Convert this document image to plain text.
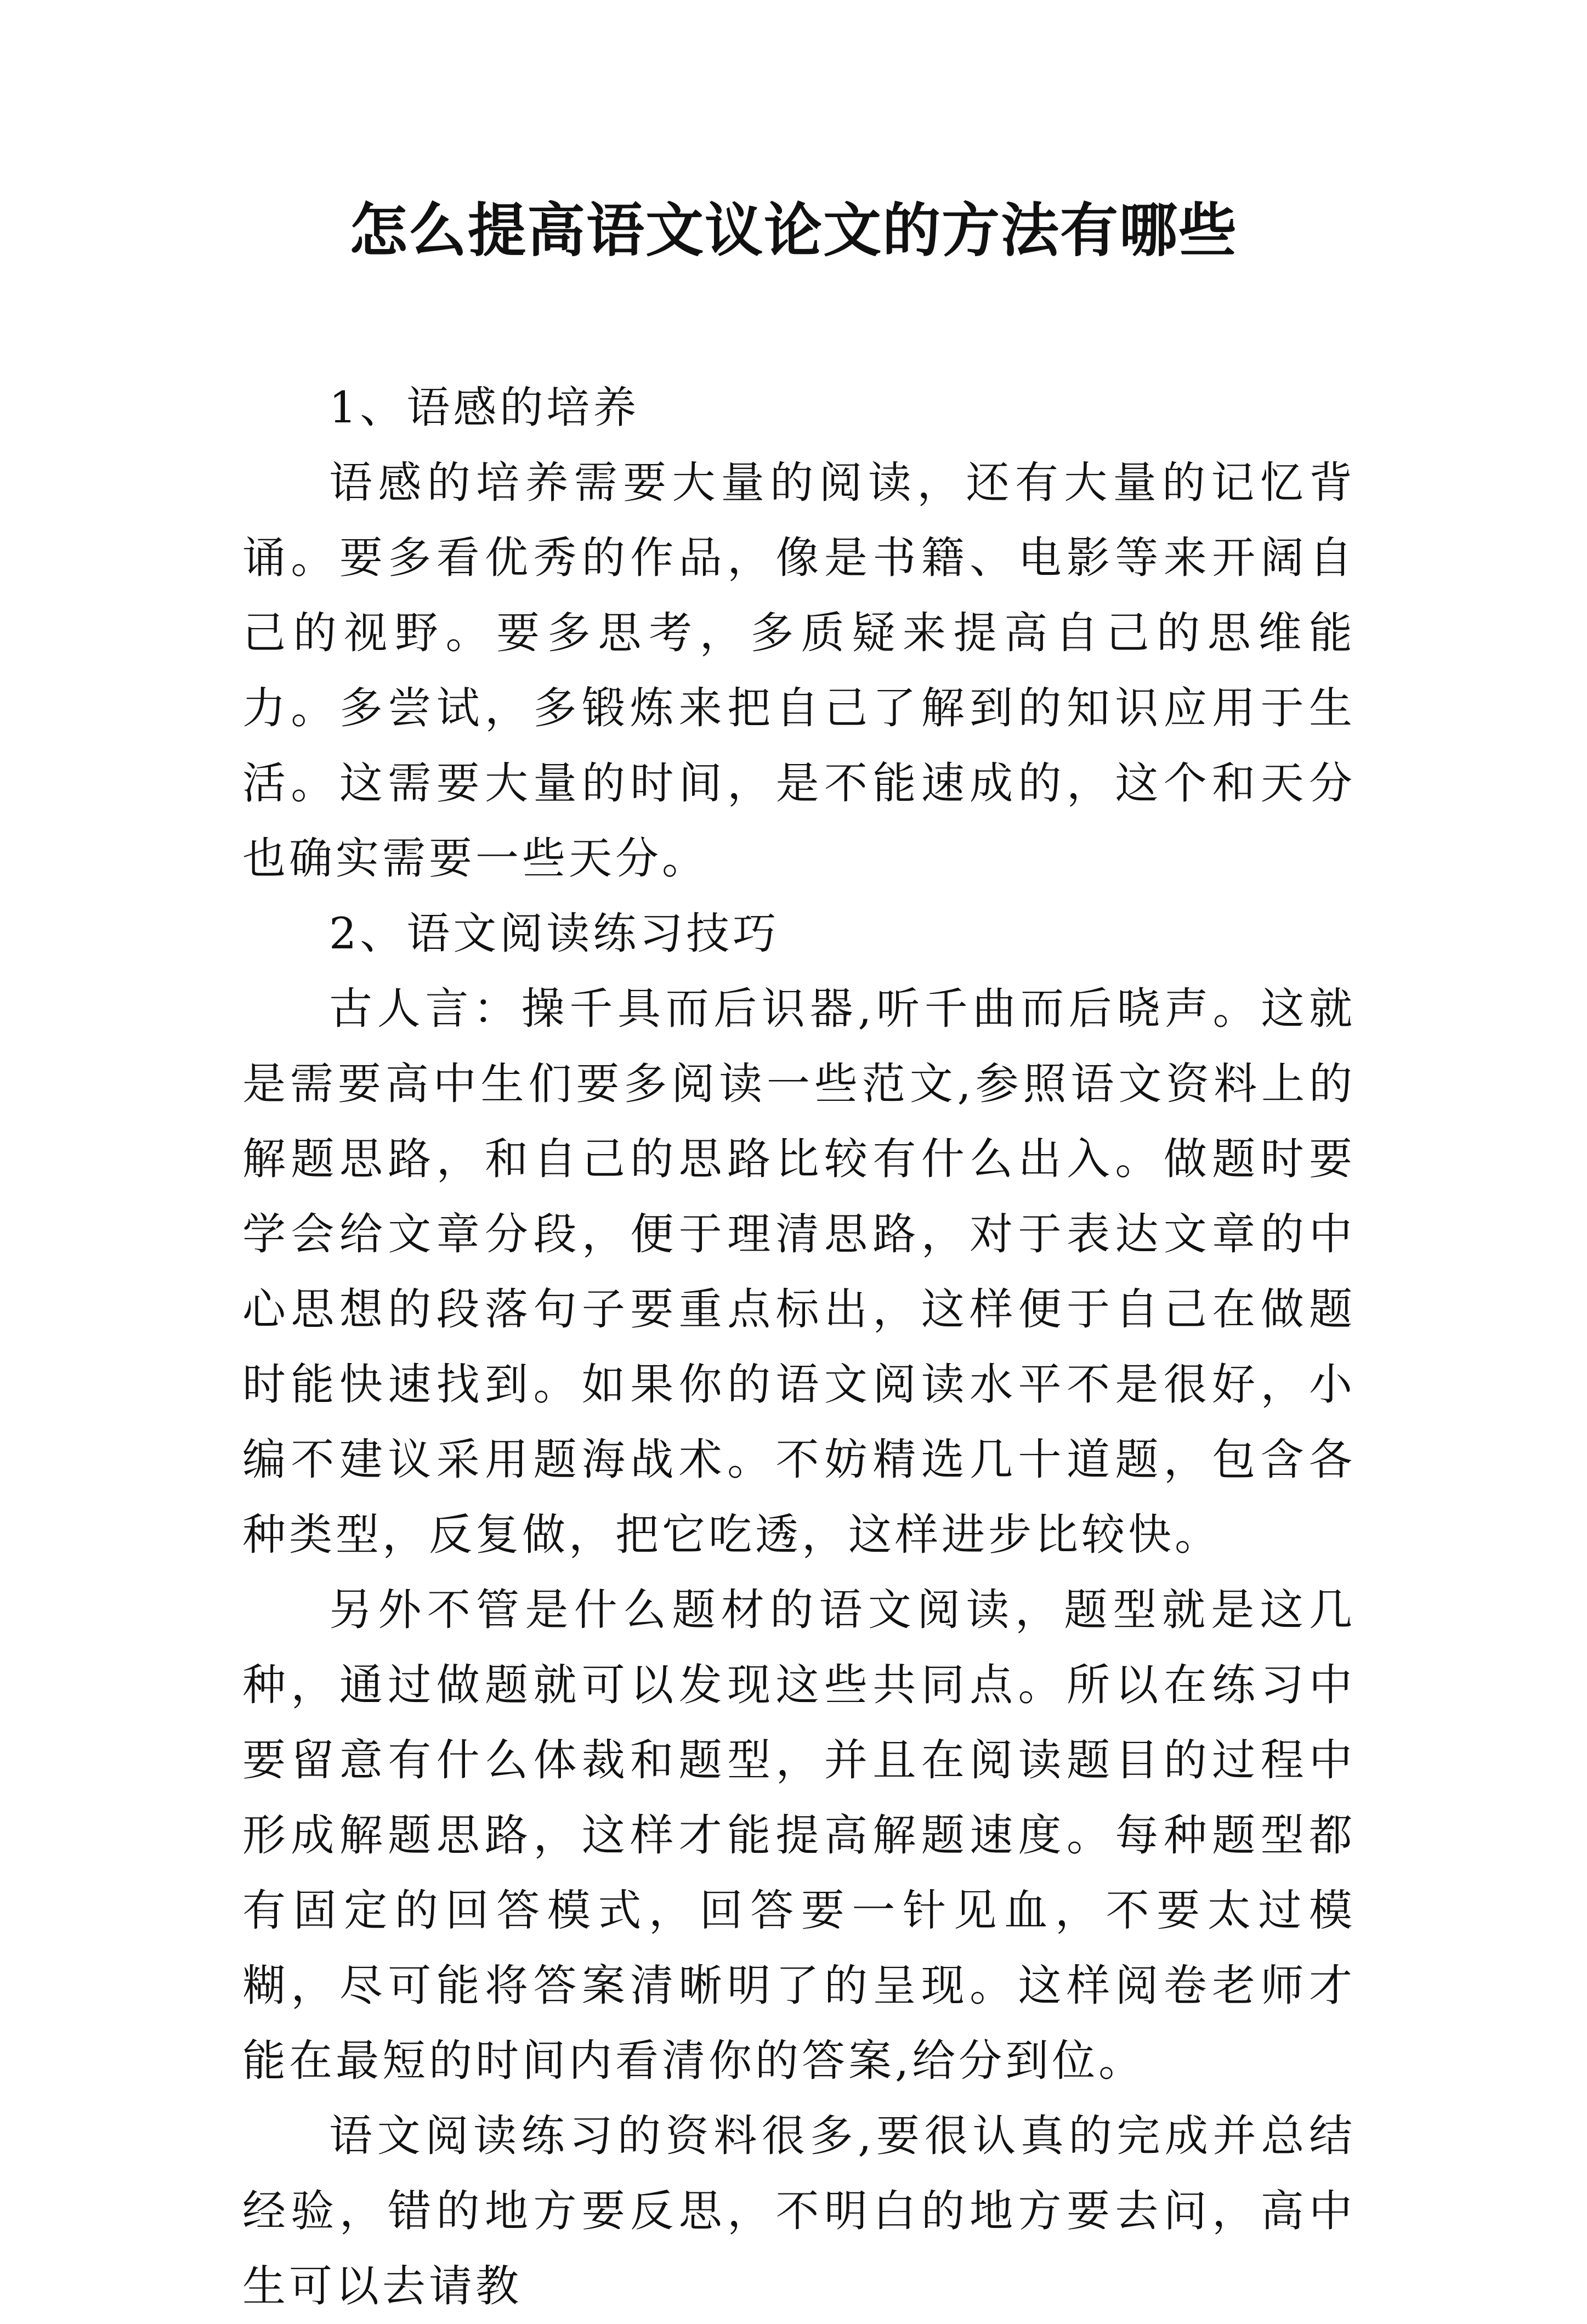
怎么提高语文议论文的方法有哪些

1、语感的培养

语感的培养需要大量的阅读，还有大量的记忆背诵。要多看优秀的作品，像是书籍、电影等来开阔自己的视野。要多思考，多质疑来提高自己的思维能力。多尝试，多锻炼来把自己了解到的知识应用于生活。这需要大量的时间，是不能速成的，这个和天分也确实需要一些天分。

2、语文阅读练习技巧

古人言：操千具而后识器,听千曲而后晓声。这就是需要高中生们要多阅读一些范文,参照语文资料上的解题思路，和自己的思路比较有什么出入。做题时要学会给文章分段，便于理清思路，对于表达文章的中心思想的段落句子要重点标出，这样便于自己在做题时能快速找到。如果你的语文阅读水平不是很好，小编不建议采用题海战术。不妨精选几十道题，包含各种类型，反复做，把它吃透，这样进步比较快。

另外不管是什么题材的语文阅读，题型就是这几种，通过做题就可以发现这些共同点。所以在练习中要留意有什么体裁和题型，并且在阅读题目的过程中形成解题思路，这样才能提高解题速度。每种题型都有固定的回答模式，回答要一针见血，不要太过模糊，尽可能将答案清晰明了的呈现。这样阅卷老师才能在最短的时间内看清你的答案,给分到位。

语文阅读练习的资料很多,要很认真的完成并总结经验，错的地方要反思，不明白的地方要去问，高中生可以去请教
